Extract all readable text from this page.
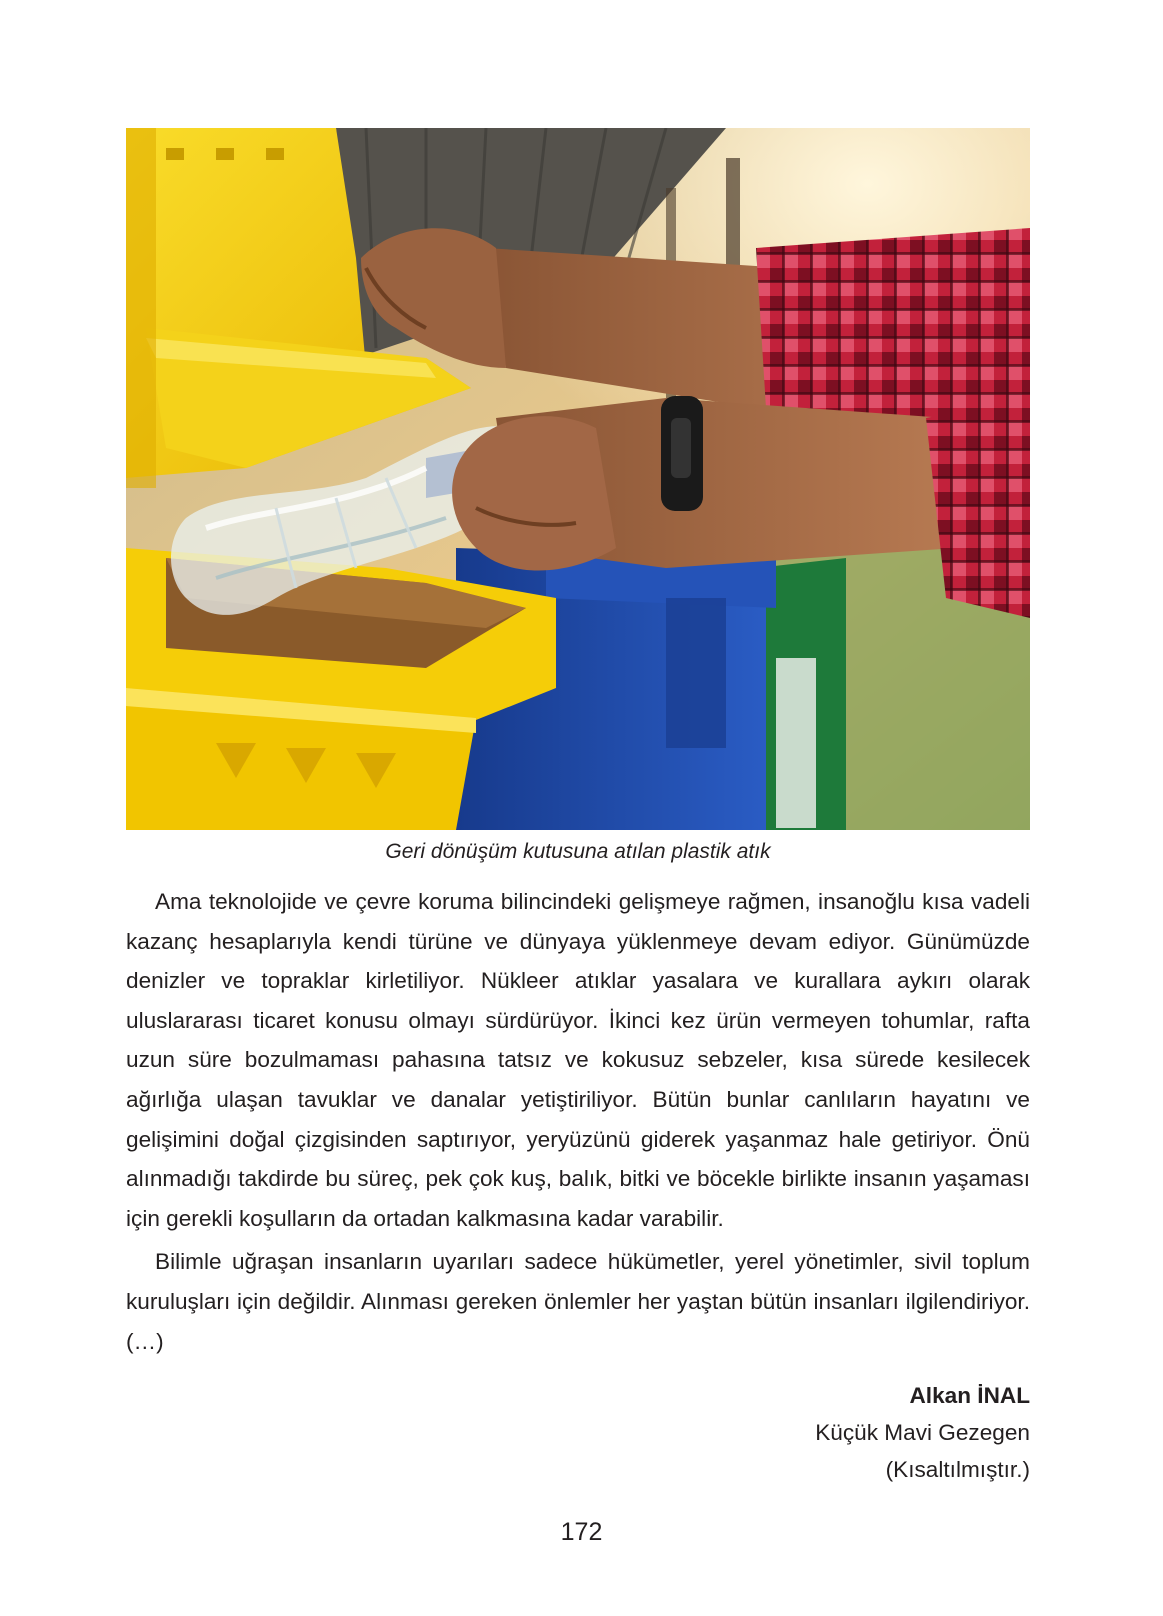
Geri dönüşüm kutusuna atılan plastik atık

Ama teknolojide ve çevre koruma bilincindeki gelişmeye rağmen, insanoğlu kısa vadeli kazanç hesaplarıyla kendi türüne ve dünyaya yüklenmeye devam ediyor. Günümüzde denizler ve topraklar kirletiliyor. Nükleer atıklar yasalara ve kurallara aykırı olarak uluslararası ticaret konusu olmayı sürdürüyor. İkinci kez ürün vermeyen tohumlar, rafta uzun süre bozulmaması pahasına tatsız ve kokusuz sebzeler, kısa sürede kesilecek ağırlığa ulaşan tavuklar ve danalar yetiştiriliyor. Bütün bunlar canlıların hayatını ve gelişimini doğal çizgisinden saptırıyor, yeryüzünü giderek yaşanmaz hale getiriyor. Önü alınmadığı takdirde bu süreç, pek çok kuş, balık, bitki ve böcekle birlikte insanın yaşaması için gerekli koşulların da ortadan kalkmasına kadar varabilir.

Bilimle uğraşan insanların uyarıları sadece hükümetler, yerel yönetimler, sivil toplum kuruluşları için değildir. Alınması gereken önlemler her yaştan bütün insanları ilgilendiriyor. (…)

Alkan İNAL
Küçük Mavi Gezegen
(Kısaltılmıştır.)
172
